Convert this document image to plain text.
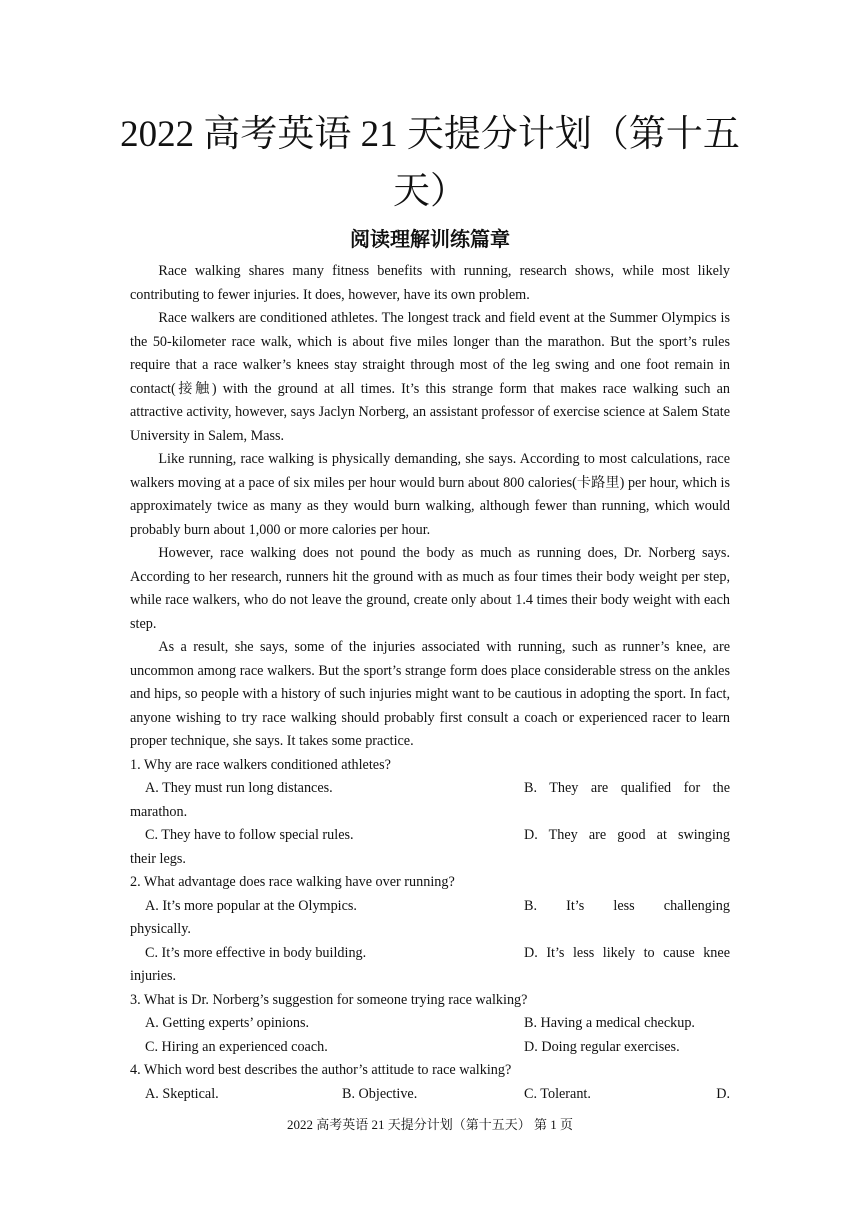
2022 高考英语 21 天提分计划（第十五天）
阅读理解训练篇章

Race walking shares many fitness benefits with running, research shows, while most likely contributing to fewer injuries. It does, however, have its own problem.

Race walkers are conditioned athletes. The longest track and field event at the Summer Olympics is the 50-kilometer race walk, which is about five miles longer than the marathon. But the sport’s rules require that a race walker’s knees stay straight through most of the leg swing and one foot remain in contact(接触) with the ground at all times. It’s this strange form that makes race walking such an attractive activity, however, says Jaclyn Norberg, an assistant professor of exercise science at Salem State University in Salem, Mass.

Like running, race walking is physically demanding, she says. According to most calculations, race walkers moving at a pace of six miles per hour would burn about 800 calories(卡路里) per hour, which is approximately twice as many as they would burn walking, although fewer than running, which would probably burn about 1,000 or more calories per hour.

However, race walking does not pound the body as much as running does, Dr. Norberg says. According to her research, runners hit the ground with as much as four times their body weight per step, while race walkers, who do not leave the ground, create only about 1.4 times their body weight with each step.

As a result, she says, some of the injuries associated with running, such as runner’s knee, are uncommon among race walkers. But the sport’s strange form does place considerable stress on the ankles and hips, so people with a history of such injuries might want to be cautious in adopting the sport. In fact, anyone wishing to try race walking should probably first consult a coach or experienced racer to learn proper technique, she says. It takes some practice.

1. Why are race walkers conditioned athletes?
A. They must run long distances.	B. They are qualified for the
marathon.
C. They have to follow special rules.	D. They are good at swinging
their legs.
2. What advantage does race walking have over running?
A. It’s more popular at the Olympics.	B. It’s less challenging
physically.
C. It’s more effective in body building.	D. It’s less likely to cause knee
injuries.
3. What is Dr. Norberg’s suggestion for someone trying race walking?
A. Getting experts’ opinions.	B. Having a medical checkup.
C. Hiring an experienced coach.	D. Doing regular exercises.
4. Which word best describes the author’s attitude to race walking?
A. Skeptical.	B. Objective.	C. Tolerant.	D.
2022 高考英语 21 天提分计划（第十五天） 第 1 页
